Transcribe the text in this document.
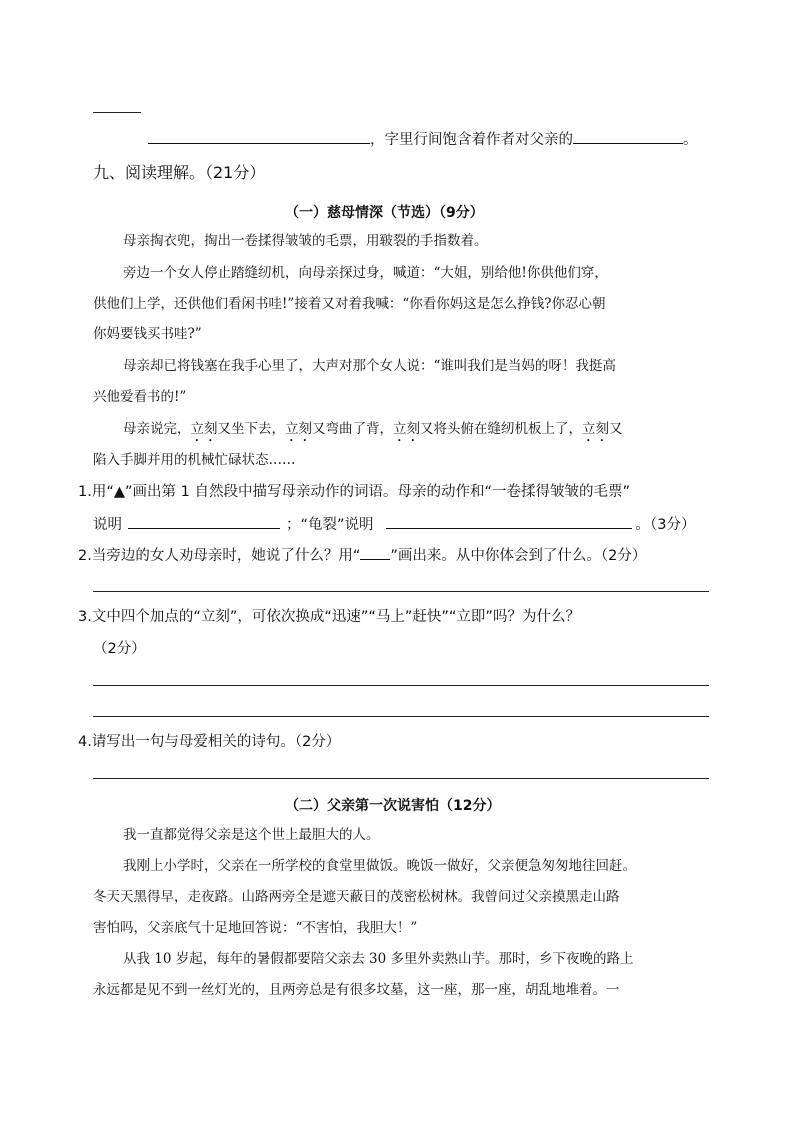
，字里行间饱含着作者对父亲的	。
九、阅读理解。（21分）
（一）慈母情深（节选）（9分）
母亲掏衣兜，掏出一卷揉得皱皱的毛票，用皲裂的手指数着。
旁边一个女人停止踏缝纫机，向母亲探过身，喊道：“大姐，别给他!你供他们穿，
供他们上学，还供他们看闲书哇!”接着又对着我喊：“你看你妈这是怎么挣钱?你忍心朝
你妈要钱买书哇?”
母亲却已将钱塞在我手心里了，大声对那个女人说：“谁叫我们是当妈的呀！我挺高
兴他爱看书的!”
母亲说完，立刻又坐下去，立刻又弯曲了背，立刻又将头俯在缝纫机板上了，立刻又
陷入手脚并用的机械忙碌状态……
1.用“▲”画出第 1 自然段中描写母亲动作的词语。母亲的动作和“一卷揉得皱皱的毛票”
说明	；“龟裂”说明	。（3分）
2.当旁边的女人劝母亲时，她说了什么？用“ ”画出来。从中你体会到了什么。（2分）
3.文中四个加点的“立刻”，可依次换成“迅速”“马上”赶快”“立即”吗？为什么？
（2分）
4.请写出一句与母爱相关的诗句。（2分）
（二）父亲第一次说害怕（12分）
我一直都觉得父亲是这个世上最胆大的人。
我刚上小学时，父亲在一所学校的食堂里做饭。晚饭一做好，父亲便急匆匆地往回赶。
冬天天黑得早，走夜路。山路两旁全是遮天蔽日的茂密松树林。我曾问过父亲摸黑走山路
害怕吗，父亲底气十足地回答说：“不害怕，我胆大！”
从我 10 岁起，每年的暑假都要陪父亲去 30 多里外卖熟山芋。那时，乡下夜晚的路上
永远都是见不到一丝灯光的，且两旁总是有很多坟墓，这一座，那一座，胡乱地堆着。一
